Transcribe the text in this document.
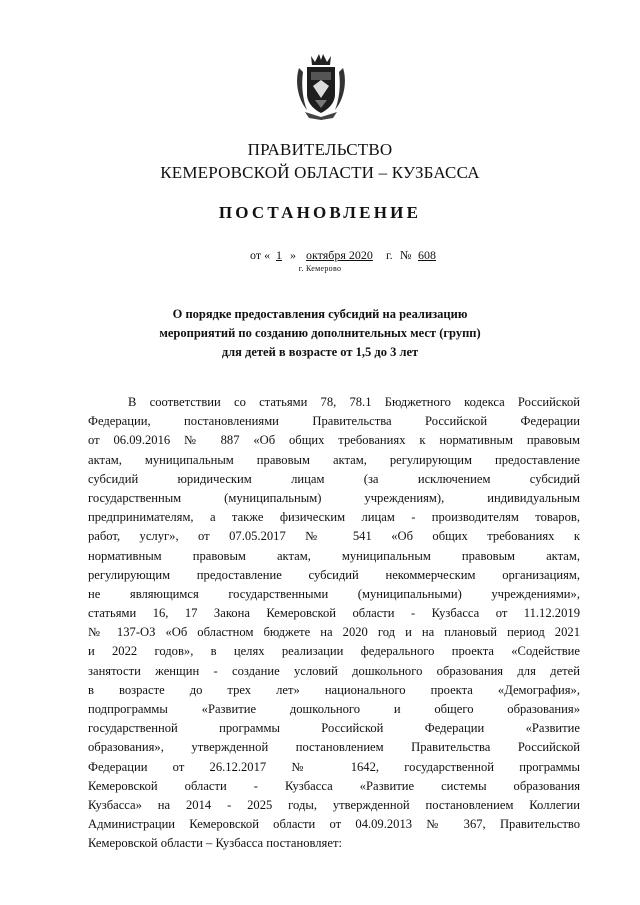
ПРАВИТЕЛЬСТВО
КЕМЕРОВСКОЙ ОБЛАСТИ – КУЗБАССА
ПОСТАНОВЛЕНИЕ
от « 1 » октября 2020 г. № 608
г. Кемерово
О порядке предоставления субсидий на реализацию
мероприятий по созданию дополнительных мест (групп)
для детей в возрасте от 1,5 до 3 лет
В соответствии со статьями 78, 78.1 Бюджетного кодекса Российской
Федерации, постановлениями Правительства Российской Федерации
от 06.09.2016 № 887 «Об общих требованиях к нормативным правовым
актам, муниципальным правовым актам, регулирующим предоставление
субсидий юридическим лицам (за исключением субсидий
государственным (муниципальным) учреждениям), индивидуальным
предпринимателям, а также физическим лицам - производителям товаров,
работ, услуг», от 07.05.2017 № 541 «Об общих требованиях к
нормативным правовым актам, муниципальным правовым актам,
регулирующим предоставление субсидий некоммерческим организациям,
не являющимся государственными (муниципальными) учреждениями»,
статьями 16, 17 Закона Кемеровской области - Кузбасса от 11.12.2019
№ 137-ОЗ «Об областном бюджете на 2020 год и на плановый период 2021
и 2022 годов», в целях реализации федерального проекта «Содействие
занятости женщин - создание условий дошкольного образования для детей
в возрасте до трех лет» национального проекта «Демография»,
подпрограммы «Развитие дошкольного и общего образования»
государственной программы Российской Федерации «Развитие
образования», утвержденной постановлением Правительства Российской
Федерации от 26.12.2017 № 1642, государственной программы
Кемеровской области - Кузбасса «Развитие системы образования
Кузбасса» на 2014 - 2025 годы, утвержденной постановлением Коллегии
Администрации Кемеровской области от 04.09.2013 № 367, Правительство
Кемеровской области – Кузбасса постановляет:
